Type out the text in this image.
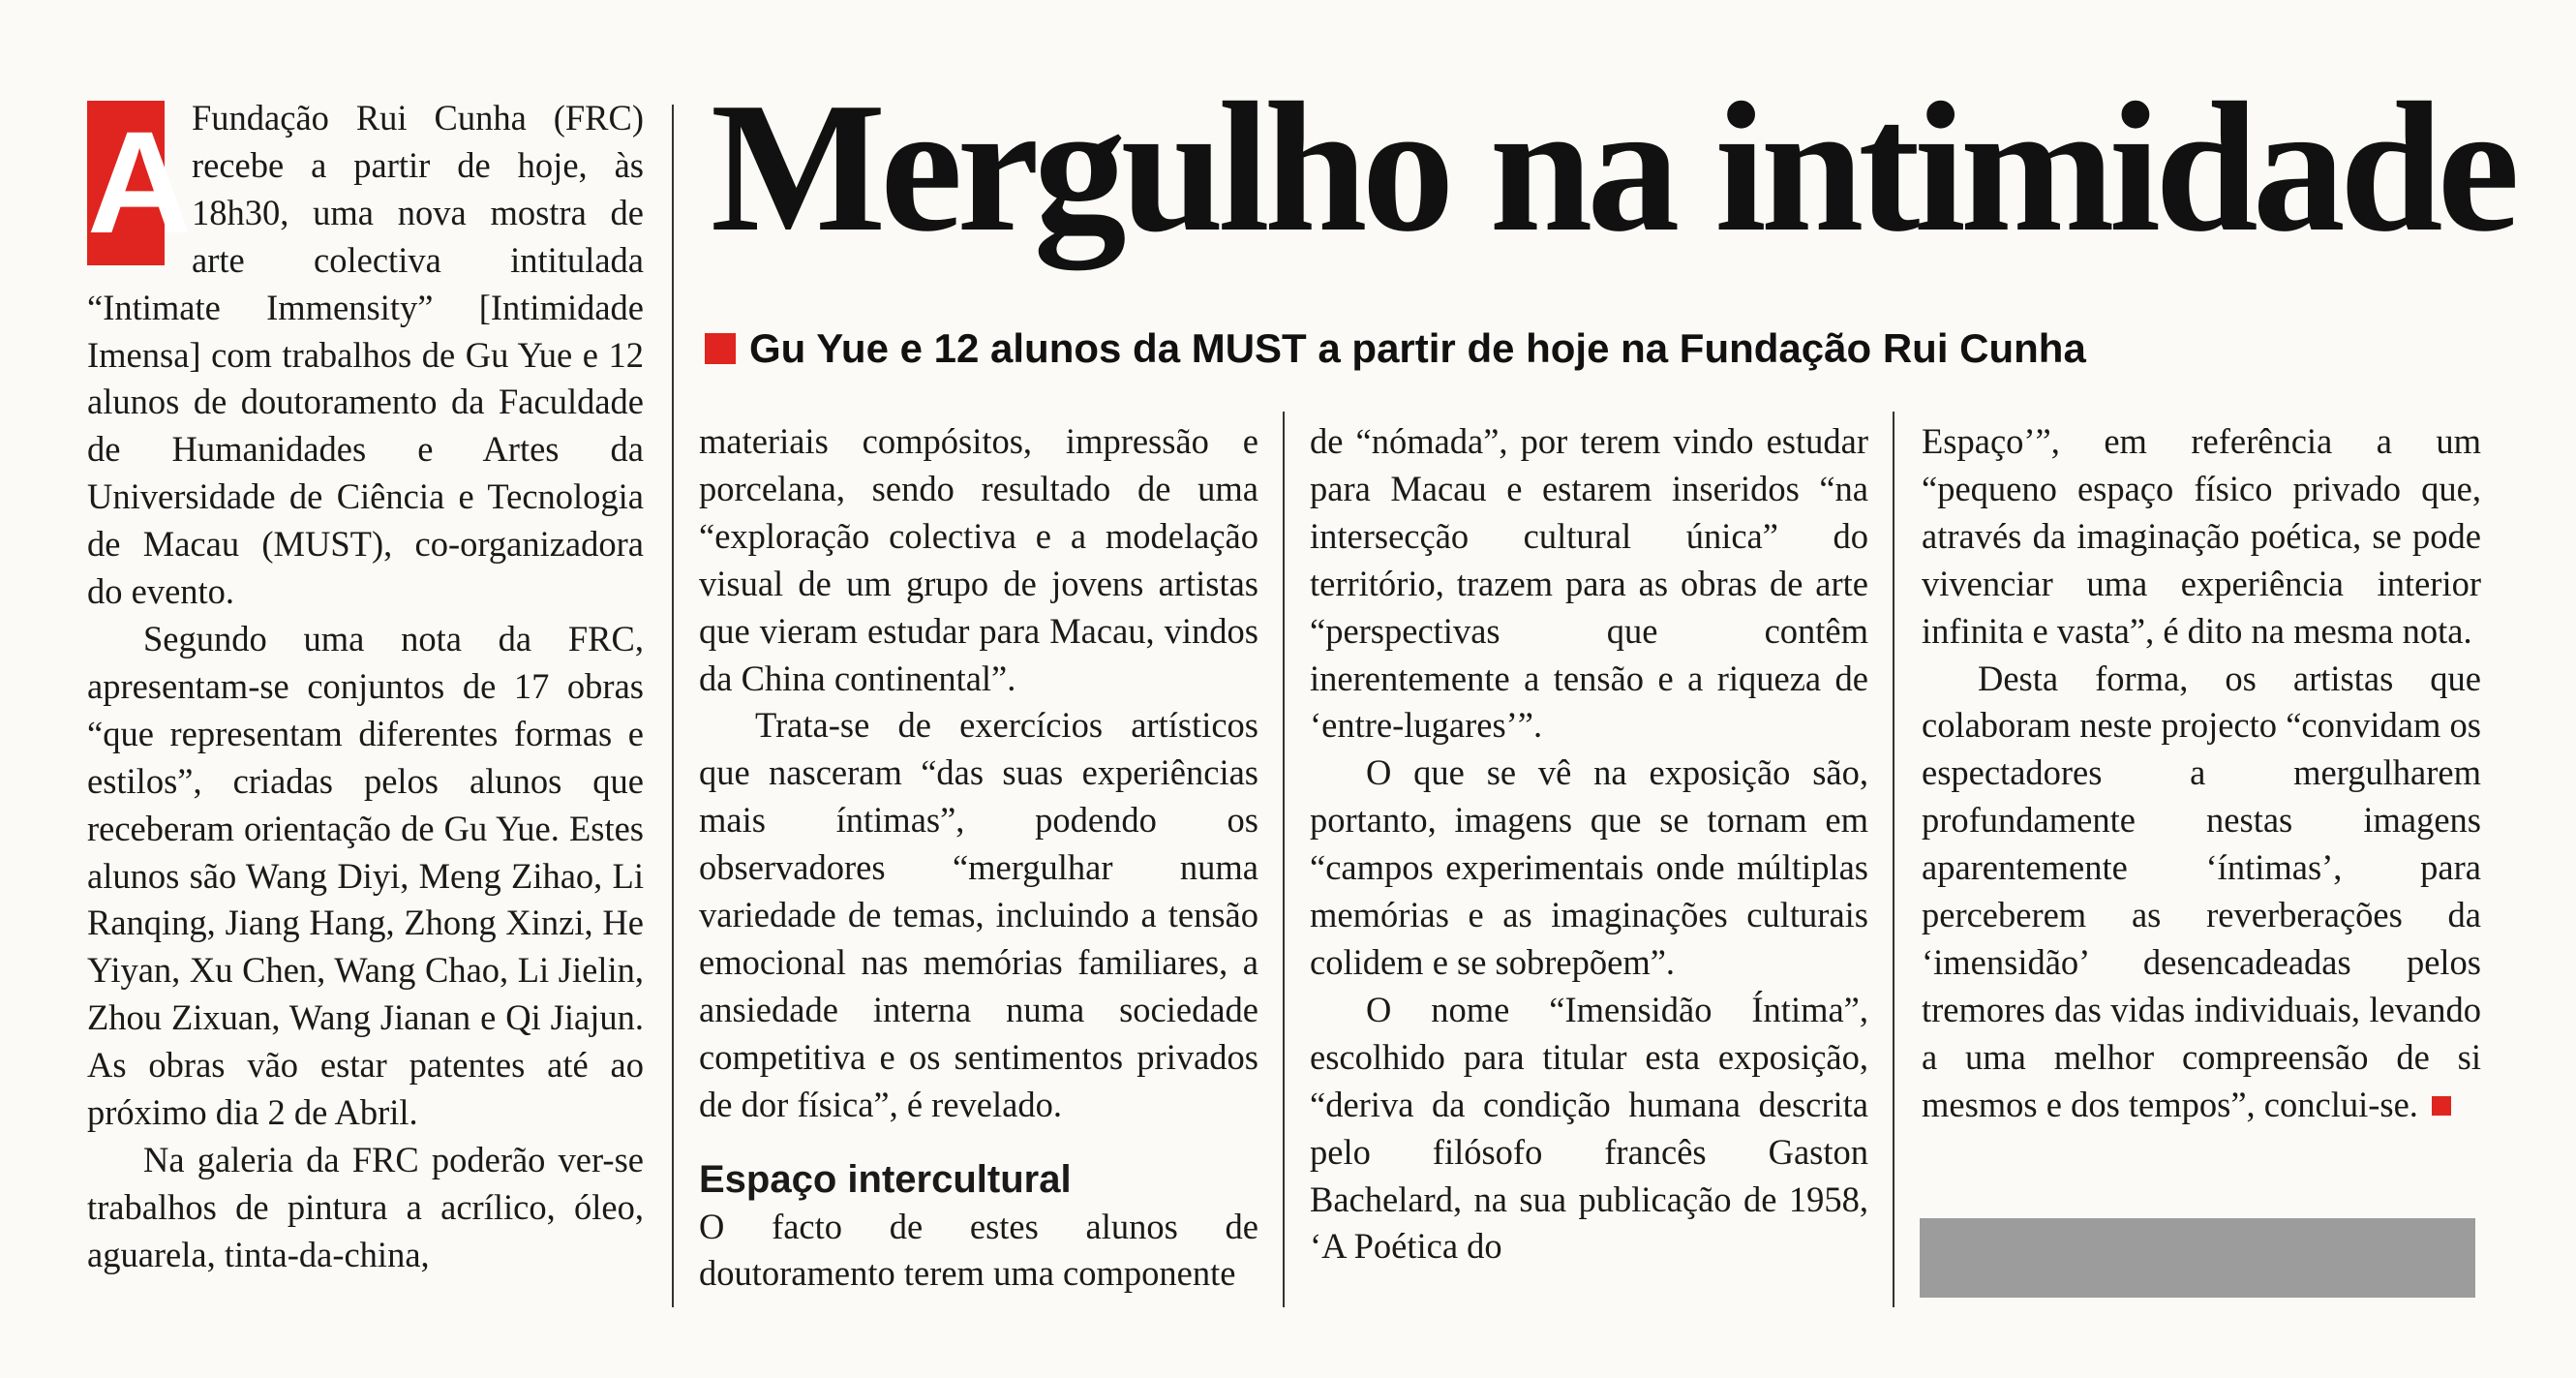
Mergulho na intimidade
Gu Yue e 12 alunos da MUST a partir de hoje na Fundação Rui Cunha

A Fundação Rui Cunha (FRC) recebe a partir de hoje, às 18h30, uma nova mostra de arte colectiva intitulada “Intimate Immensity” [Intimidade Imensa] com trabalhos de Gu Yue e 12 alunos de doutoramento da Faculdade de Humanidades e Artes da Universidade de Ciência e Tecnologia de Macau (MUST), co-organizadora do evento.

Segundo uma nota da FRC, apresentam-se conjuntos de 17 obras “que representam diferentes formas e estilos”, criadas pelos alunos que receberam orientação de Gu Yue. Estes alunos são Wang Diyi, Meng Zihao, Li Ranqing, Jiang Hang, Zhong Xinzi, He Yiyan, Xu Chen, Wang Chao, Li Jielin, Zhou Zixuan, Wang Jianan e Qi Jiajun. As obras vão estar patentes até ao próximo dia 2 de Abril.

Na galeria da FRC poderão ver-se trabalhos de pintura a acrílico, óleo, aguarela, tinta-da-china,

materiais compósitos, impressão e porcelana, sendo resultado de uma “exploração colectiva e a modelação visual de um grupo de jovens artistas que vieram estudar para Macau, vindos da China continental”.

Trata-se de exercícios artísticos que nasceram “das suas experiências mais íntimas”, podendo os observadores “mergulhar numa variedade de temas, incluindo a tensão emocional nas memórias familiares, a ansiedade interna numa sociedade competitiva e os sentimentos privados de dor física”, é revelado.

Espaço intercultural

O facto de estes alunos de doutoramento terem uma componente

de “nómada”, por terem vindo estudar para Macau e estarem inseridos “na intersecção cultural única” do território, trazem para as obras de arte “perspectivas que contêm inerentemente a tensão e a riqueza de ‘entre-lugares’”.

O que se vê na exposição são, portanto, imagens que se tornam em “campos experimentais onde múltiplas memórias e as imaginações culturais colidem e se sobrepõem”.

O nome “Imensidão Íntima”, escolhido para titular esta exposição, “deriva da condição humana descrita pelo filósofo francês Gaston Bachelard, na sua publicação de 1958, ‘A Poética do

Espaço’”, em referência a um “pequeno espaço físico privado que, através da imaginação poética, se pode vivenciar uma experiência interior infinita e vasta”, é dito na mesma nota.

Desta forma, os artistas que colaboram neste projecto “convidam os espectadores a mergulharem profundamente nestas imagens aparentemente ‘íntimas’, para perceberem as reverberações da ‘imensidão’ desencadeadas pelos tremores das vidas individuais, levando a uma melhor compreensão de si mesmos e dos tempos”, conclui-se.
